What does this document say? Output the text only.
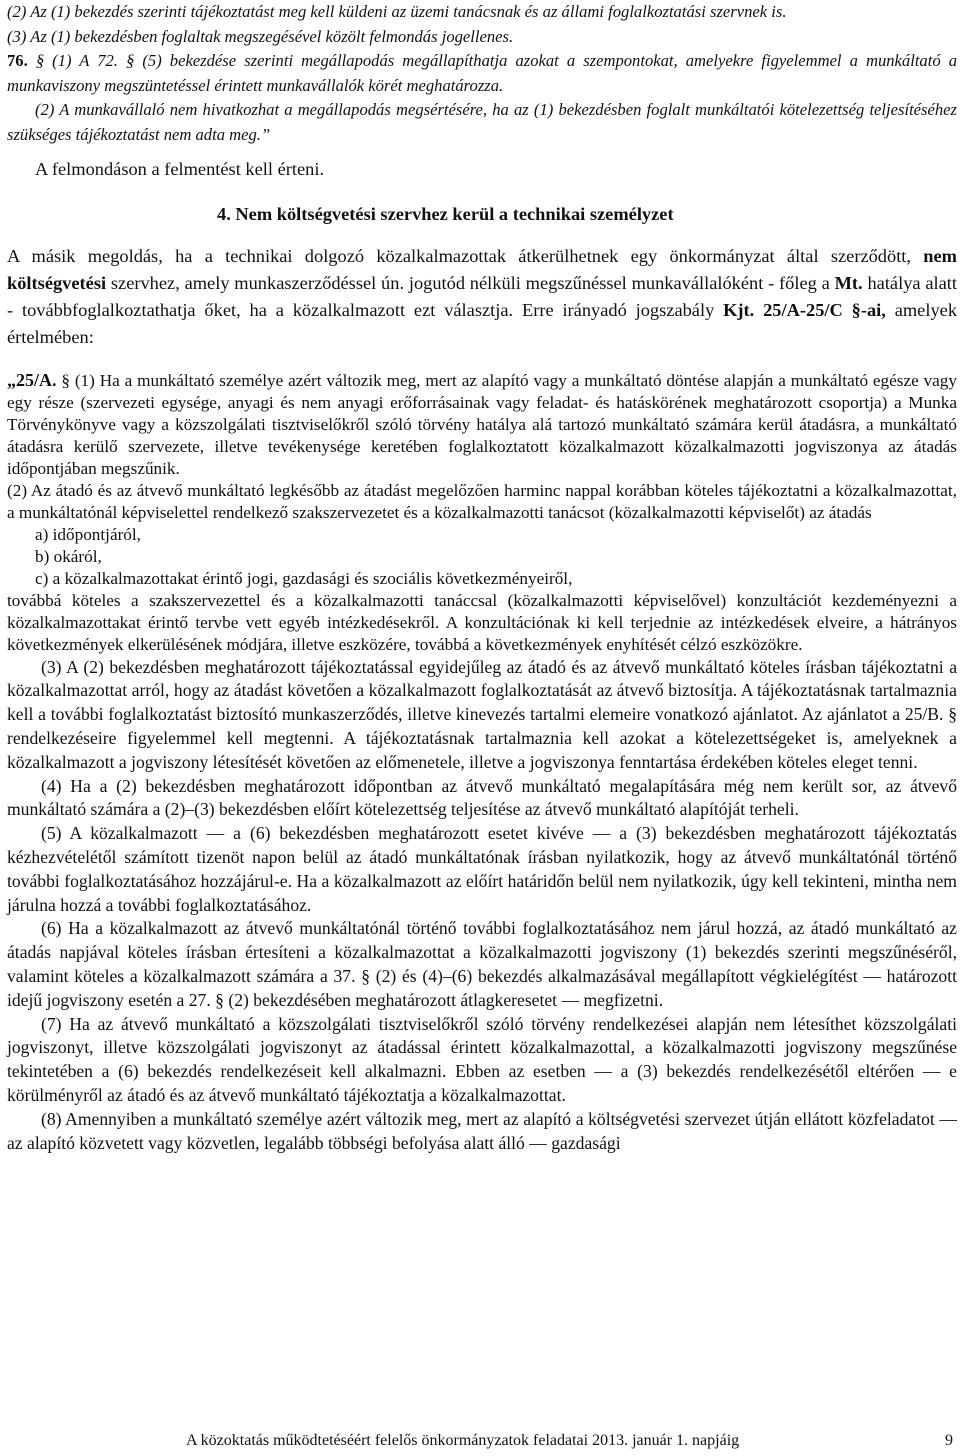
(2) Az (1) bekezdés szerinti tájékoztatást meg kell küldeni az üzemi tanácsnak és az állami foglalkoztatási szervnek is.

(3) Az (1) bekezdésben foglaltak megszegésével közölt felmondás jogellenes.

76. § (1) A 72. § (5) bekezdése szerinti megállapodás megállapíthatja azokat a szempontokat, amelyekre figyelemmel a munkáltató a munkaviszony megszüntetéssel érintett munkavállalók körét meghatározza.

(2) A munkavállaló nem hivatkozhat a megállapodás megsértésére, ha az (1) bekezdésben foglalt munkáltatói kötelezettség teljesítéséhez szükséges tájékoztatást nem adta meg.”

A felmondáson a felmentést kell érteni.

4. Nem költségvetési szervhez kerül a technikai személyzet

A másik megoldás, ha a technikai dolgozó közalkalmazottak átkerülhetnek egy önkormányzat által szerződött, nem költségvetési szervhez, amely munkaszerződéssel ún. jogutód nélküli megszűnéssel munkavállalóként - főleg a Mt. hatálya alatt - továbbfoglalkoztathatja őket, ha a közalkalmazott ezt választja. Erre irányadó jogszabály Kjt. 25/A-25/C §-ai, amelyek értelmében:

„25/A. § (1) Ha a munkáltató személye azért változik meg, mert az alapító vagy a munkáltató döntése alapján a munkáltató egésze vagy egy része (szervezeti egysége, anyagi és nem anyagi erőforrásainak vagy feladat- és hatáskörének meghatározott csoportja) a Munka Törvénykönyve vagy a közszolgálati tisztviselőkről szóló törvény hatálya alá tartozó munkáltató számára kerül átadásra, a munkáltató átadásra kerülő szervezete, illetve tevékenysége keretében foglalkoztatott közalkalmazott közalkalmazotti jogviszonya az átadás időpontjában megszűnik.

(2) Az átadó és az átvevő munkáltató legkésőbb az átadást megelőzően harminc nappal korábban köteles tájékoztatni a közalkalmazottat, a munkáltatónál képviselettel rendelkező szakszervezetet és a közalkalmazotti tanácsot (közalkalmazotti képviselőt) az átadás

a) időpontjáról,

b) okáról,

c) a közalkalmazottakat érintő jogi, gazdasági és szociális következményeiről,

továbbá köteles a szakszervezettel és a közalkalmazotti tanáccsal (közalkalmazotti képviselővel) konzultációt kezdeményezni a közalkalmazottakat érintő tervbe vett egyéb intézkedésekről. A konzultációnak ki kell terjednie az intézkedések elveire, a hátrányos következmények elkerülésének módjára, illetve eszközére, továbbá a következmények enyhítését célzó eszközökre.

(3) A (2) bekezdésben meghatározott tájékoztatással egyidejűleg az átadó és az átvevő munkáltató köteles írásban tájékoztatni a közalkalmazottat arról, hogy az átadást követően a közalkalmazott foglalkoztatását az átvevő biztosítja. A tájékoztatásnak tartalmaznia kell a további foglalkoztatást biztosító munkaszerződés, illetve kinevezés tartalmi elemeire vonatkozó ajánlatot. Az ajánlatot a 25/B. § rendelkezéseire figyelemmel kell megtenni. A tájékoztatásnak tartalmaznia kell azokat a kötelezettségeket is, amelyeknek a közalkalmazott a jogviszony létesítését követően az előmenetele, illetve a jogviszonya fenntartása érdekében köteles eleget tenni.

(4) Ha a (2) bekezdésben meghatározott időpontban az átvevő munkáltató megalapítására még nem került sor, az átvevő munkáltató számára a (2)–(3) bekezdésben előírt kötelezettség teljesítése az átvevő munkáltató alapítóját terheli.

(5) A közalkalmazott — a (6) bekezdésben meghatározott esetet kivéve — a (3) bekezdésben meghatározott tájékoztatás kézhezvételétől számított tizenöt napon belül az átadó munkáltatónak írásban nyilatkozik, hogy az átvevő munkáltatónál történő további foglalkoztatásához hozzájárul-e. Ha a közalkalmazott az előírt határidőn belül nem nyilatkozik, úgy kell tekinteni, mintha nem járulna hozzá a további foglalkoztatásához.

(6) Ha a közalkalmazott az átvevő munkáltatónál történő további foglalkoztatásához nem járul hozzá, az átadó munkáltató az átadás napjával köteles írásban értesíteni a közalkalmazottat a közalkalmazotti jogviszony (1) bekezdés szerinti megszűnéséről, valamint köteles a közalkalmazott számára a 37. § (2) és (4)–(6) bekezdés alkalmazásával megállapított végkielégítést — határozott idejű jogviszony esetén a 27. § (2) bekezdésében meghatározott átlagkeresetet — megfizetni.

(7) Ha az átvevő munkáltató a közszolgálati tisztviselőkről szóló törvény rendelkezései alapján nem létesíthet közszolgálati jogviszonyt, illetve közszolgálati jogviszonyt az átadással érintett közalkalmazottal, a közalkalmazotti jogviszony megszűnése tekintetében a (6) bekezdés rendelkezéseit kell alkalmazni. Ebben az esetben — a (3) bekezdés rendelkezésétől eltérően — e körülményről az átadó és az átvevő munkáltató tájékoztatja a közalkalmazottat.

(8) Amennyiben a munkáltató személye azért változik meg, mert az alapító a költségvetési szervezet útján ellátott közfeladatot — az alapító közvetett vagy közvetlen, legalább többségi befolyása alatt álló — gazdasági

A közoktatás működtetéséért felelős önkormányzatok feladatai 2013. január 1. napjáig	9
